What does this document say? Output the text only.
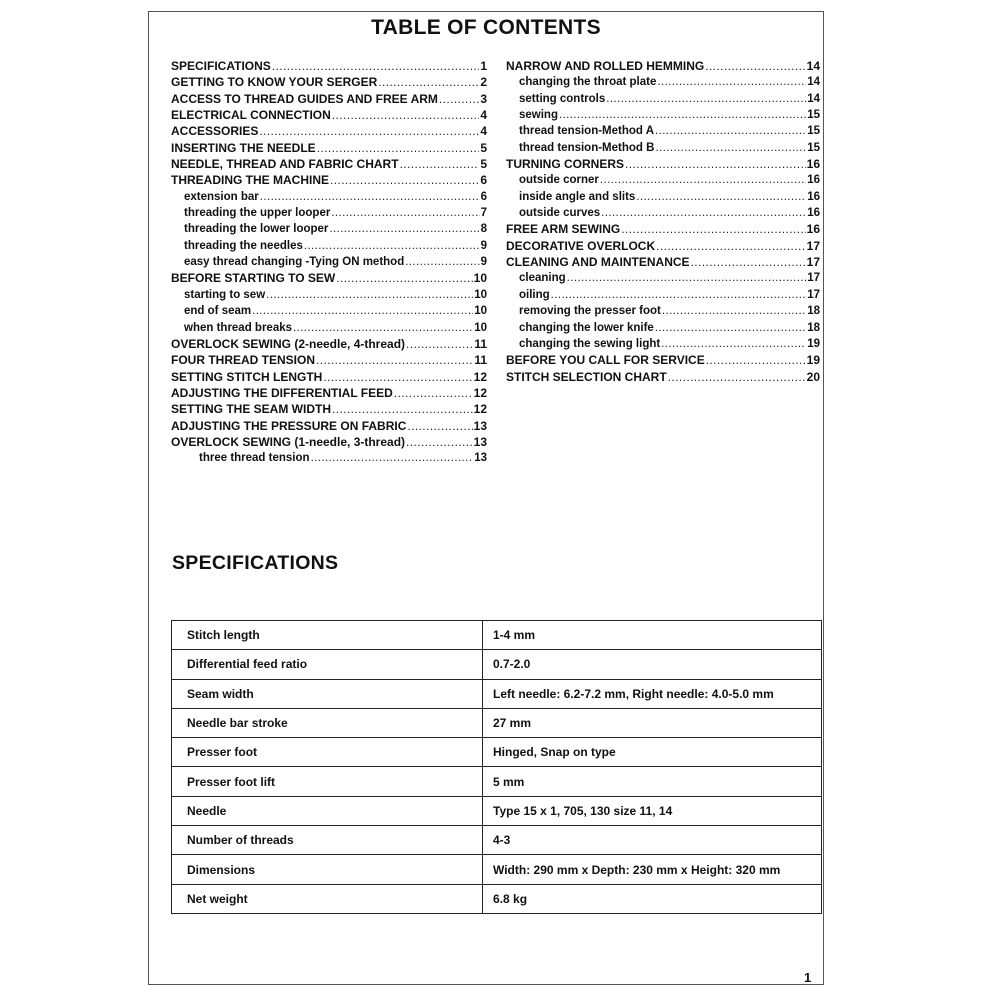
TABLE OF CONTENTS
SPECIFICATIONS .....	1
GETTING TO KNOW YOUR SERGER .....	2
ACCESS TO THREAD GUIDES AND FREE ARM .....	3
ELECTRICAL CONNECTION .....	4
ACCESSORIES .....	4
INSERTING THE NEEDLE .....	5
NEEDLE, THREAD AND FABRIC CHART .....	5
THREADING THE MACHINE .....	6
extension bar .....	6
threading the upper looper .....	7
threading the lower looper .....	8
threading the needles .....	9
easy thread changing -Tying ON method .....	9
BEFORE STARTING TO SEW .....	10
starting to sew .....	10
end of seam .....	10
when thread breaks .....	10
OVERLOCK SEWING (2-needle, 4-thread) .....	11
FOUR THREAD TENSION .....	11
SETTING STITCH LENGTH .....	12
ADJUSTING THE DIFFERENTIAL FEED .....	12
SETTING THE SEAM WIDTH .....	12
ADJUSTING THE PRESSURE ON FABRIC .....	13
OVERLOCK SEWING (1-needle, 3-thread) .....	13
three thread tension .....	13
NARROW AND ROLLED HEMMING .....	14
changing the throat plate .....	14
setting controls .....	14
sewing .....	15
thread tension-Method A .....	15
thread tension-Method B .....	15
TURNING CORNERS .....	16
outside corner .....	16
inside angle and slits .....	16
outside curves .....	16
FREE ARM SEWING .....	16
DECORATIVE OVERLOCK .....	17
CLEANING AND MAINTENANCE .....	17
cleaning .....	17
oiling .....	17
removing the presser foot .....	18
changing the lower knife .....	18
changing the sewing light .....	19
BEFORE YOU CALL FOR SERVICE .....	19
STITCH SELECTION CHART .....	20
SPECIFICATIONS
Stitch length	1-4 mm
Differential feed ratio	0.7-2.0
Seam width	Left needle: 6.2-7.2 mm, Right needle: 4.0-5.0 mm
Needle bar stroke	27 mm
Presser foot	Hinged, Snap on type
Presser foot lift	5 mm
Needle	Type 15 x 1, 705, 130 size 11, 14
Number of threads	4-3
Dimensions	Width: 290 mm x Depth: 230 mm x Height: 320 mm
Net weight	6.8 kg
1
